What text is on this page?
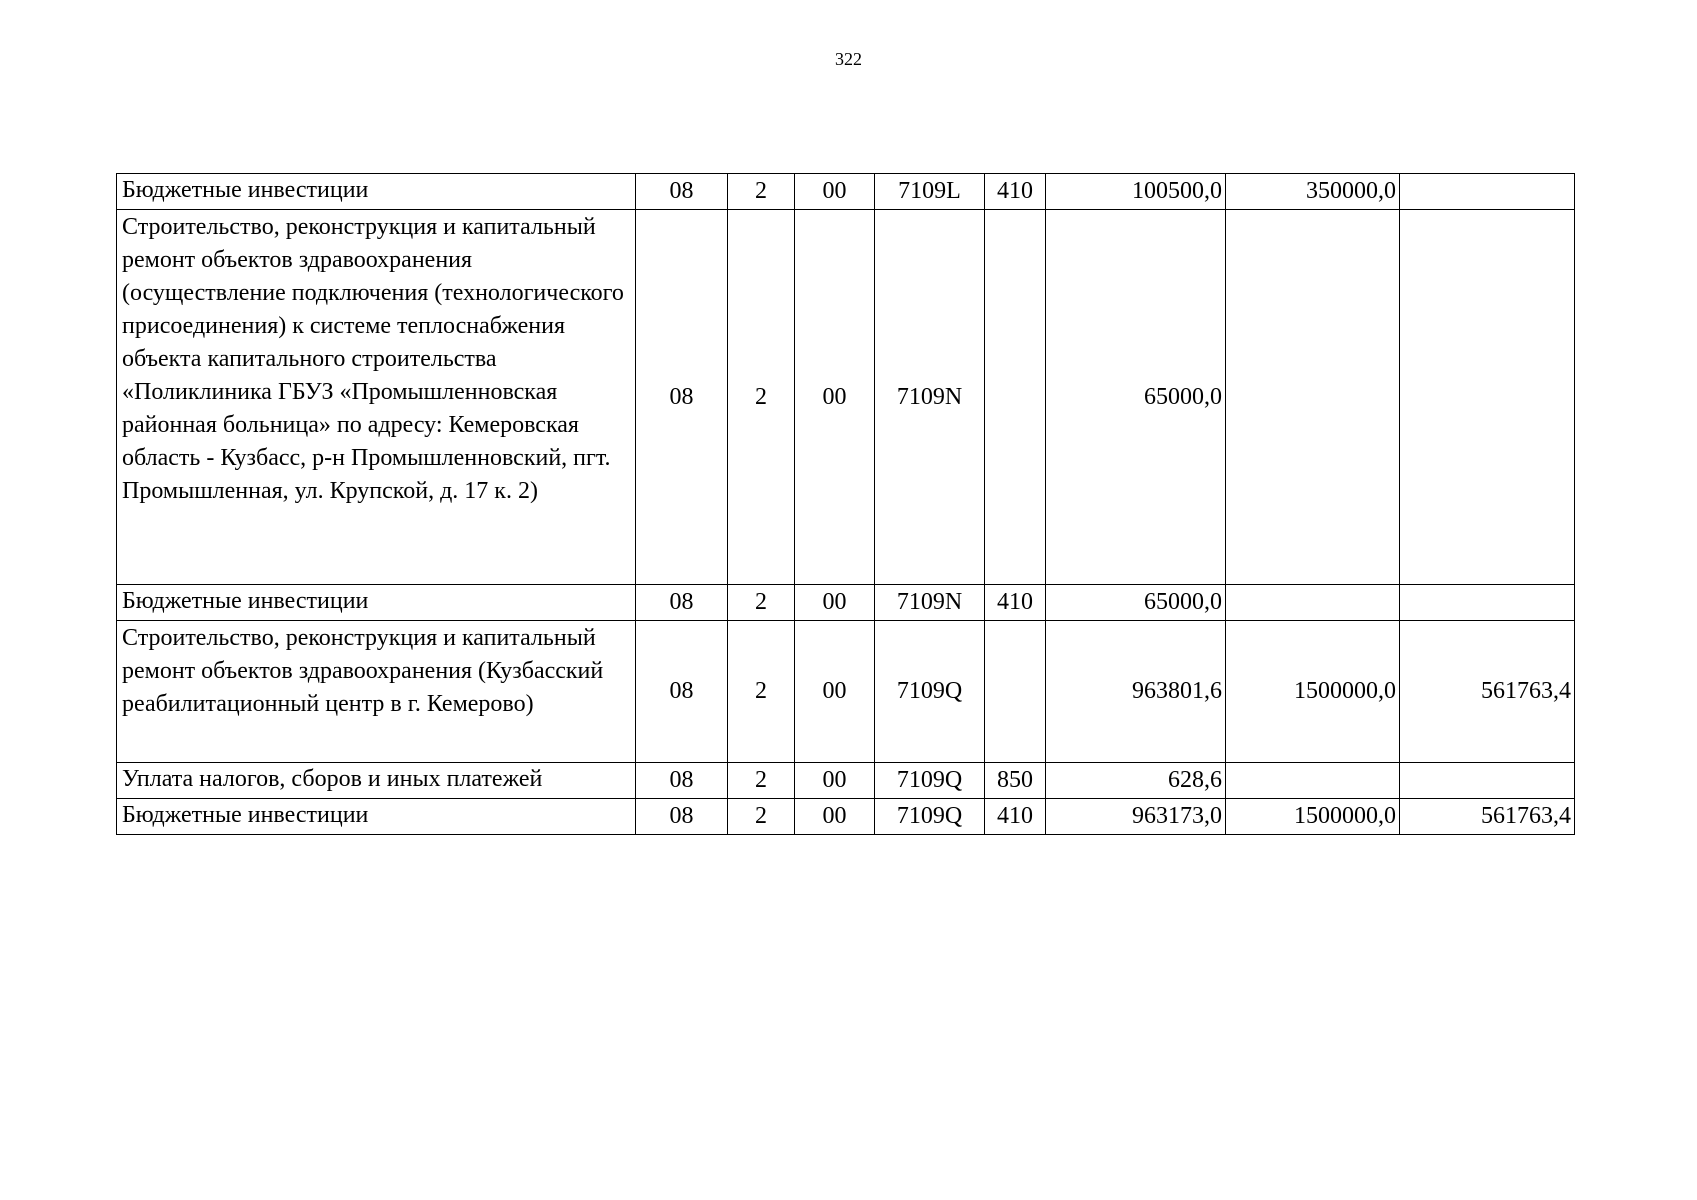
322
Бюджетные инвестиции	08	2	00	7109L	410	100500,0	350000,0	
Строительство, реконструкция и капитальный ремонт объектов здравоохранения (осуществление подключения (технологического присоединения) к системе теплоснабжения объекта капитального строительства «Поликлиника ГБУЗ «Промышленновская районная больница» по адресу: Кемеровская область - Кузбасс, р-н Промышленновский, пгт. Промышленная, ул. Крупской, д. 17 к. 2)	08	2	00	7109N		65000,0		
Бюджетные инвестиции	08	2	00	7109N	410	65000,0		
Строительство, реконструкция и капитальный ремонт объектов здравоохранения (Кузбасский реабилитационный центр в г. Кемерово)	08	2	00	7109Q		963801,6	1500000,0	561763,4
Уплата налогов, сборов и иных платежей	08	2	00	7109Q	850	628,6		
Бюджетные инвестиции	08	2	00	7109Q	410	963173,0	1500000,0	561763,4
